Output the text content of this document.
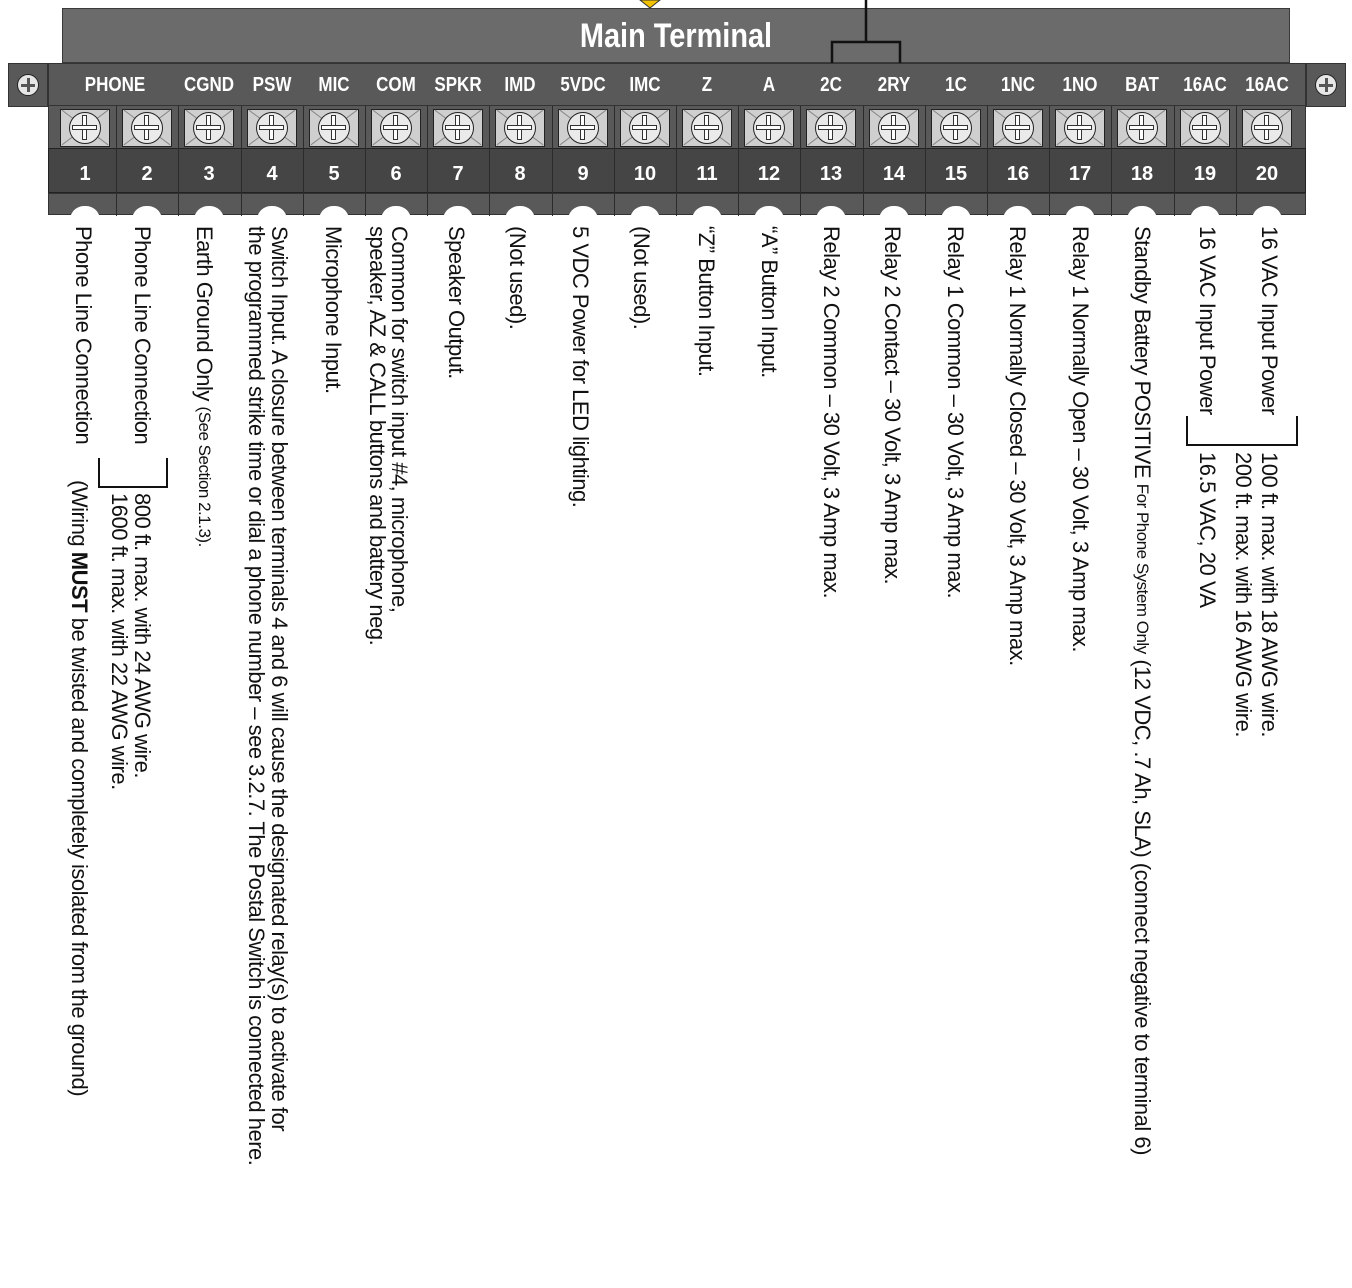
Main Terminal
PHONE
1	2
CGND
3
PSW
4
MIC
5
COM
6
SPKR
7
IMD
8
5VDC
9
IMC
10
Z
11
A
12
2C
13
2RY
14
1C
15
1NC
16
1NO
17
BAT
18
16AC
19
16AC
20
Phone Line Connection
(Wiring MUST be twisted and completely isolated from the ground)
Phone Line Connection
800 ft. max. with 24 AWG wire.
1600 ft. max. with 22 AWG wire.
Earth Ground Only (See Section 2.1.3). Switch Input. A closure between terminals 4 and 6 will cause the designated relay(s) to activate for
the programmed strike time or dial a phone number – see 3.2.7. The Postal Switch is connected here. Microphone Input. Common for switch input #4, microphone,
speaker, AZ & CALL buttons and battery neg. Speaker Output. (Not used). 5 VDC Power for LED lighting. (Not used). “Z” Button Input. “A” Button Input. Relay 2 Common – 30 Volt, 3 Amp max. Relay 2 Contact – 30 Volt, 3 Amp max. Relay 1 Common – 30 Volt, 3 Amp max. Relay 1 Normally Closed – 30 Volt, 3 Amp max. Relay 1 Normally Open – 30 Volt, 3 Amp max. Standby Battery POSITIVE For Phone System Only (12 VDC, .7 Ah, SLA) (connect negative to terminal 6)
16 VAC Input Power 16 VAC Input Power
100 ft. max. with 18 AWG wire.
200 ft. max. with 16 AWG wire.
16.5 VAC, 20 VA
